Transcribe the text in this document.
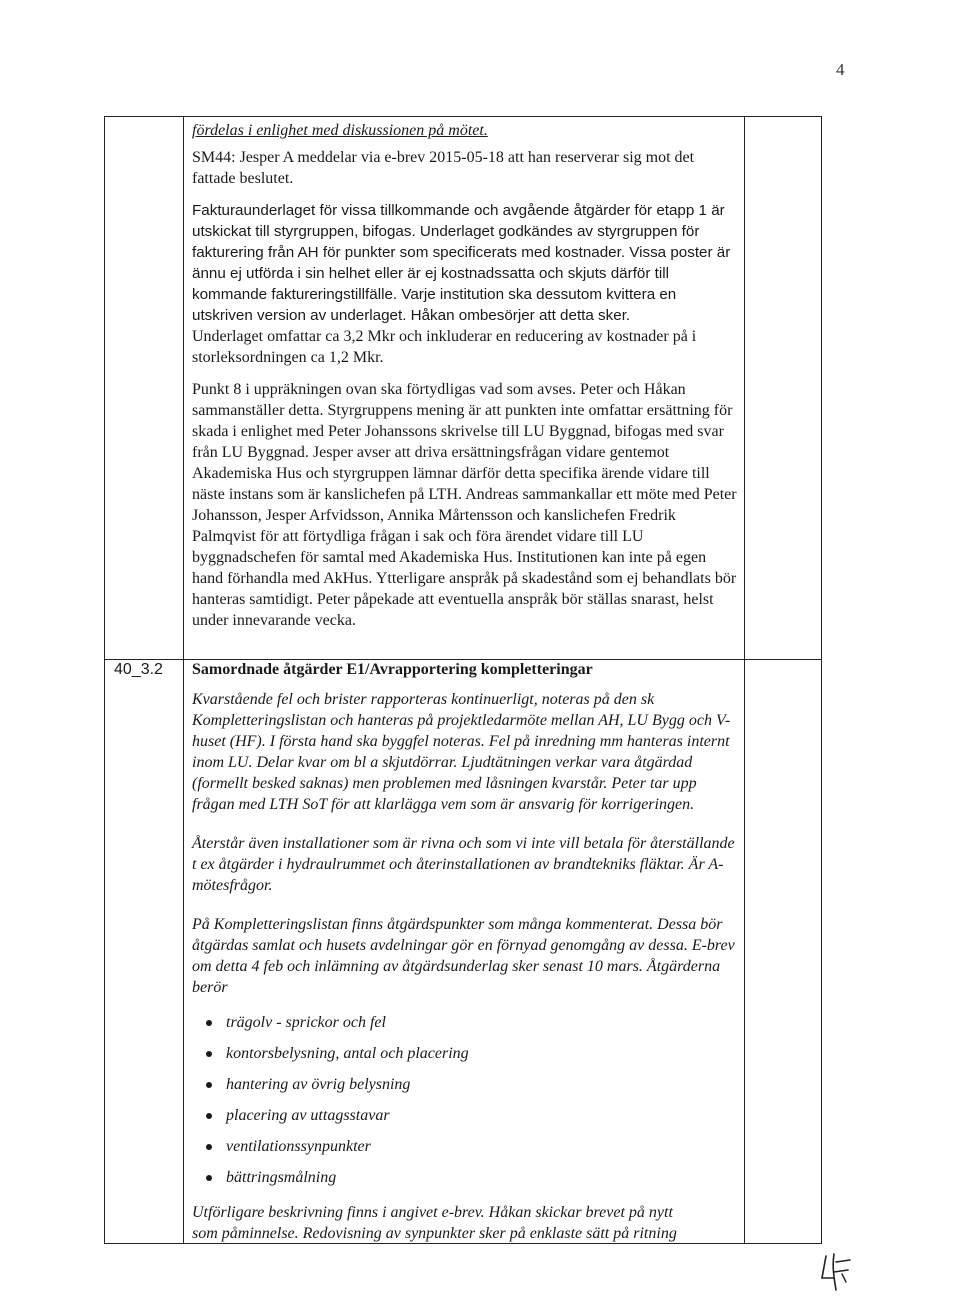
4

fördelas i enlighet med diskussionen på mötet.

SM44: Jesper A meddelar via e-brev 2015-05-18 att han reserverar sig mot det fattade beslutet.

Fakturaunderlaget för vissa tillkommande och avgående åtgärder för etapp 1 är utskickat till styrgruppen, bifogas. Underlaget godkändes av styrgruppen för fakturering från AH för punkter som specificerats med kostnader. Vissa poster är ännu ej utförda i sin helhet eller är ej kostnadssatta och skjuts därför till kommande faktureringstillfälle. Varje institution ska dessutom kvittera en utskriven version av underlaget. Håkan ombesörjer att detta sker.

Underlaget omfattar ca 3,2 Mkr och inkluderar en reducering av kostnader på i storleksordningen ca 1,2 Mkr.

Punkt 8 i uppräkningen ovan ska förtydligas vad som avses. Peter och Håkan sammanställer detta. Styrgruppens mening är att punkten inte omfattar ersättning för skada i enlighet med Peter Johanssons skrivelse till LU Byggnad, bifogas med svar från LU Byggnad. Jesper avser att driva ersättningsfrågan vidare gentemot Akademiska Hus och styrgruppen lämnar därför detta specifika ärende vidare till näste instans som är kanslichefen på LTH. Andreas sammankallar ett möte med Peter Johansson, Jesper Arfvidsson, Annika Mårtensson och kanslichefen Fredrik Palmqvist för att förtydliga frågan i sak och föra ärendet vidare till LU byggnadschefen för samtal med Akademiska Hus. Institutionen kan inte på egen hand förhandla med AkHus. Ytterligare anspråk på skadestånd som ej behandlats bör hanteras samtidigt. Peter påpekade att eventuella anspråk bör ställas snarast, helst under innevarande vecka.

40_3.2 Samordnade åtgärder E1/Avrapportering kompletteringar

Kvarstående fel och brister rapporteras kontinuerligt, noteras på den sk Kompletteringslistan och hanteras på projektledarmöte mellan AH, LU Bygg och V-huset (HF). I första hand ska byggfel noteras. Fel på inredning mm hanteras internt inom LU. Delar kvar om bl a skjutdörrar. Ljudtätningen verkar vara åtgärdad (formellt besked saknas) men problemen med låsningen kvarstår. Peter tar upp frågan med LTH SoT för att klarlägga vem som är ansvarig för korrigeringen.

Återstår även installationer som är rivna och som vi inte vill betala för återställande t ex åtgärder i hydraulrummet och återinstallationen av brandtekniks fläktar. Är A-mötesfrågor.

På Kompletteringslistan finns åtgärdspunkter som många kommenterat. Dessa bör åtgärdas samlat och husets avdelningar gör en förnyad genomgång av dessa. E-brev om detta 4 feb och inlämning av åtgärdsunderlag sker senast 10 mars. Åtgärderna berör

trägolv - sprickor och fel
kontorsbelysning, antal och placering
hantering av övrig belysning
placering av uttagsstavar
ventilationssynpunkter
bättringsmålning

Utförligare beskrivning finns i angivet e-brev. Håkan skickar brevet på nytt

som påminnelse. Redovisning av synpunkter sker på enklaste sätt på ritning
